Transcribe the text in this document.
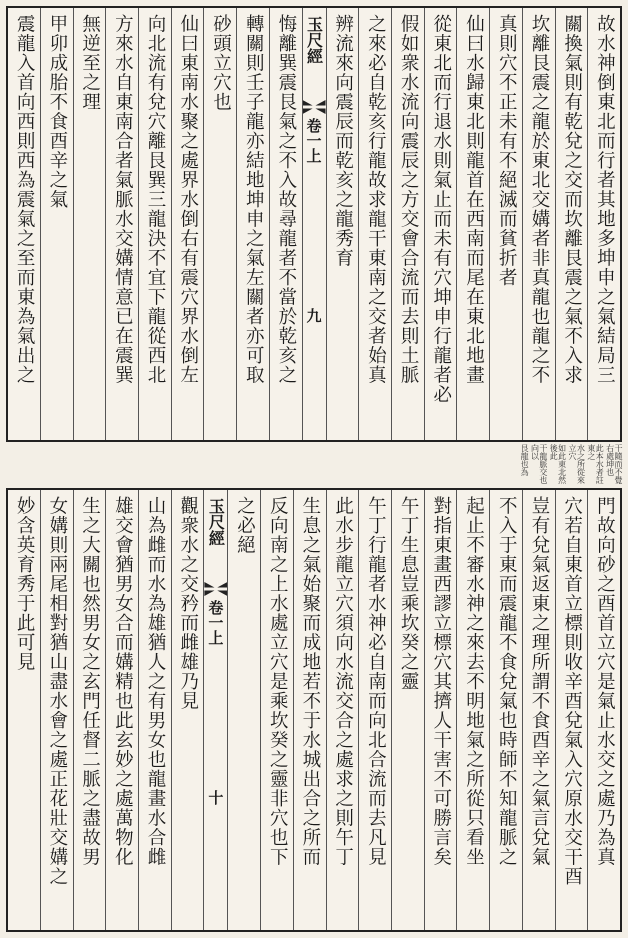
故水神倒東北而行者其地多坤申之氣結局三
關換氣則有乾兌之交而坎離艮震之氣不入求
坎離艮震之龍於東北交媾者非真龍也龍之不
真則穴不正未有不絕滅而貧折者
仙曰水歸東北則龍首在西南而尾在東北地畫
從東北而行退水則氣止而未有穴坤申行龍者必
假如衆水流向震辰之方交會合流而去則土脈
之來必自乾亥行龍故求龍干東南之交者始真
辨流來向震辰而乾亥之龍秀育
玉尺經
卷一上
九
悔離巽震艮氣之不入故尋龍者不當於乾亥之
轉關則壬子龍亦結地坤申之氣左關者亦可取
砂頭立穴也
仙曰東南水聚之處界水倒右有震穴界水倒左
向北流有兌穴離艮巽三龍決不宜下龍從西北
方來水自東南合者氣脈水交媾情意已在震巽
無逆至之理
甲卯成胎不食酉辛之氣
震龍入首向西則西為震氣之至而東為氣出之
干隨而不覺右處坤也
此本水者註東之
水之所從來立穴
如此東北然後此
干龍脈交也向以
艮龍也為
門故向砂之酉首立穴是氣止水交之處乃為真
穴若自東首立標則收辛酉兌氣入穴原水交干酉
豈有兌氣返東之理所謂不食酉辛之氣言兌氣
不入于東而震龍不食兌氣也時師不知龍脈之
起止不審水神之來去不明地氣之所從只看坐
對指東畫西謬立標穴其擠人干害不可勝言矣
午丁生息豈乘坎癸之靈
午丁行龍者水神必自南而向北合流而去凡見
此水步龍立穴須向水流交合之處求之則午丁
生息之氣始聚而成地若不于水城出合之所而
反向南之上水處立穴是乘坎癸之靈非穴也下
之必絕
玉尺經
卷一上
十
觀衆水之交矜而雌雄乃見
山為雌而水為雄猶人之有男女也龍畫水合雌
雄交會猶男女合而媾精也此玄妙之處萬物化
生之大關也然男女之玄門任督二脈之盡故男
女媾則兩尾相對猶山盡水會之處正花壯交媾之
妙含英育秀于此可見
